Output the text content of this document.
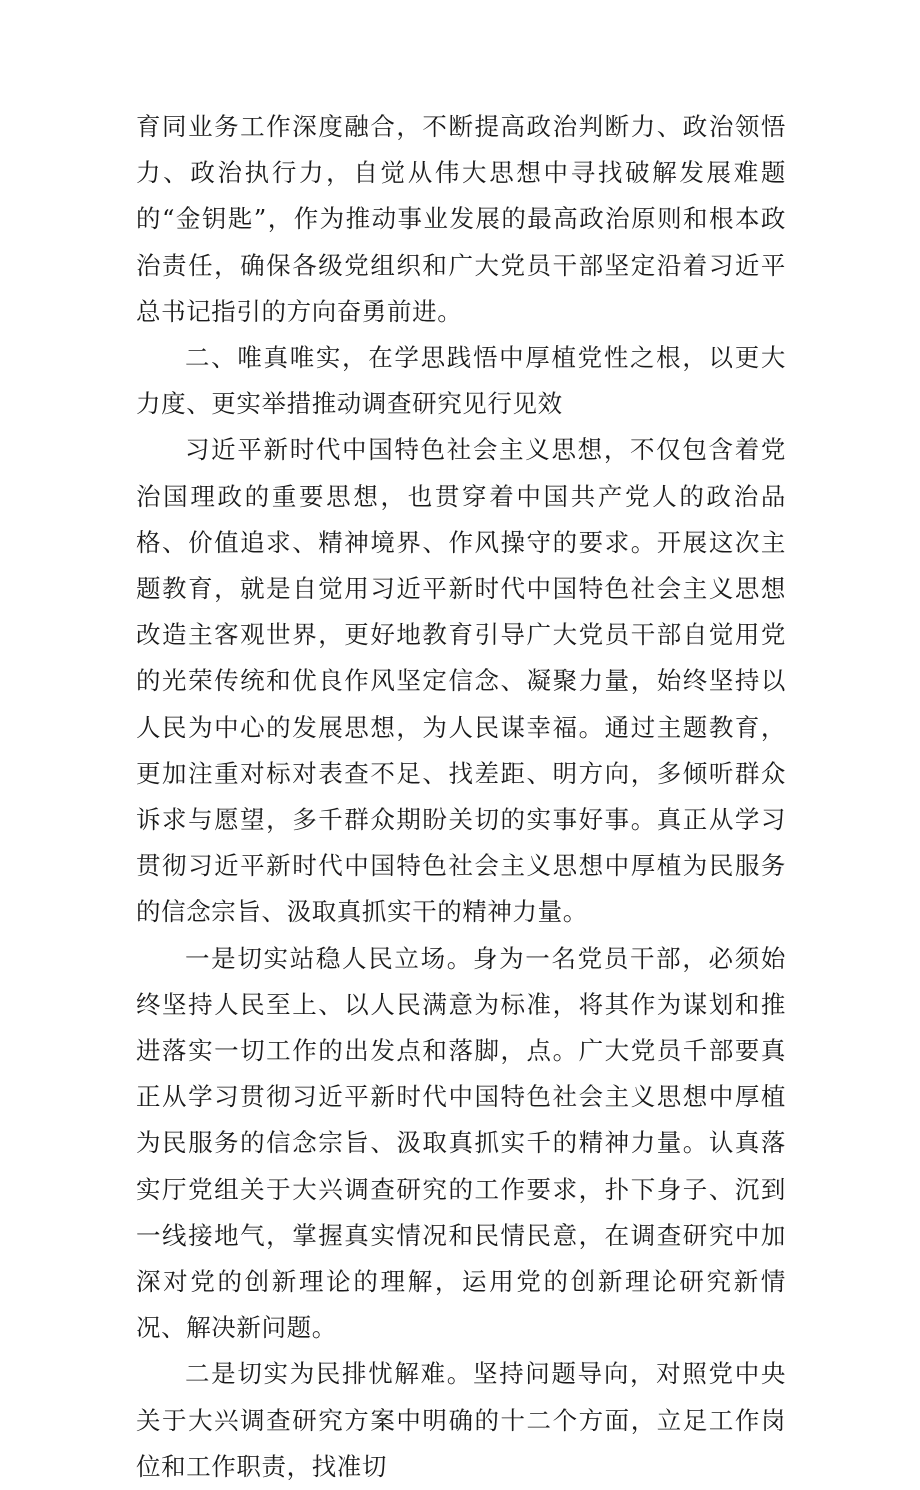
育同业务工作深度融合，不断提高政治判断力、政治领悟力、政治执行力，自觉从伟大思想中寻找破解发展难题的“金钥匙”，作为推动事业发展的最高政治原则和根本政治责任，确保各级党组织和广大党员干部坚定沿着习近平总书记指引的方向奋勇前进。

二、唯真唯实，在学思践悟中厚植党性之根，以更大力度、更实举措推动调查研究见行见效

习近平新时代中国特色社会主义思想，不仅包含着党治国理政的重要思想，也贯穿着中国共产党人的政治品格、价值追求、精神境界、作风操守的要求。开展这次主题教育，就是自觉用习近平新时代中国特色社会主义思想改造主客观世界，更好地教育引导广大党员干部自觉用党的光荣传统和优良作风坚定信念、凝聚力量，始终坚持以人民为中心的发展思想，为人民谋幸福。通过主题教育，更加注重对标对表查不足、找差距、明方向，多倾听群众诉求与愿望，多千群众期盼关切的实事好事。真正从学习贯彻习近平新时代中国特色社会主义思想中厚植为民服务的信念宗旨、汲取真抓实干的精神力量。

一是切实站稳人民立场。身为一名党员干部，必须始终坚持人民至上、以人民满意为标准，将其作为谋划和推进落实一切工作的出发点和落脚，点。广大党员千部要真正从学习贯彻习近平新时代中国特色社会主义思想中厚植为民服务的信念宗旨、汲取真抓实千的精神力量。认真落实厅党组关于大兴调查研究的工作要求，扑下身子、沉到一线接地气，掌握真实情况和民情民意，在调查研究中加深对党的创新理论的理解，运用党的创新理论研究新情况、解决新问题。

二是切实为民排忧解难。坚持问题导向，对照党中央关于大兴调查研究方案中明确的十二个方面，立足工作岗位和工作职责，找准切
